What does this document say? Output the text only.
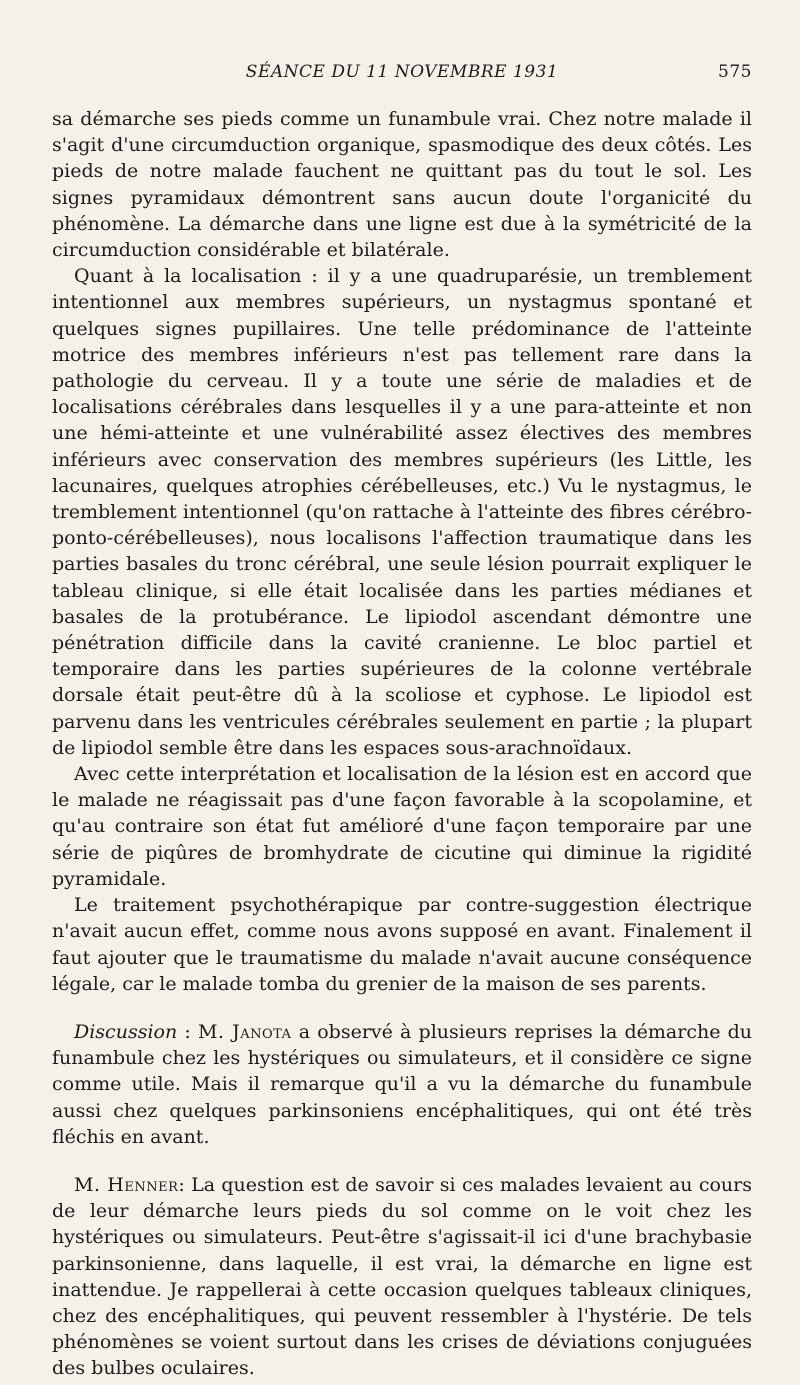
SÉANCE DU 11 NOVEMBRE 1931	575

sa démarche ses pieds comme un funambule vrai. Chez notre malade il s'agit d'une circumduction organique, spasmodique des deux côtés. Les pieds de notre malade fauchent ne quittant pas du tout le sol. Les signes pyramidaux démontrent sans aucun doute l'organicité du phénomène. La démarche dans une ligne est due à la symétricité de la circumduction considérable et bilatérale.

Quant à la localisation : il y a une quadruparésie, un tremblement intentionnel aux membres supérieurs, un nystagmus spontané et quelques signes pupillaires. Une telle prédominance de l'atteinte motrice des membres inférieurs n'est pas tellement rare dans la pathologie du cerveau. Il y a toute une série de maladies et de localisations cérébrales dans lesquelles il y a une para-atteinte et non une hémi-atteinte et une vulnérabilité assez électives des membres inférieurs avec conservation des membres supérieurs (les Little, les lacunaires, quelques atrophies cérébelleuses, etc.) Vu le nystagmus, le tremblement intentionnel (qu'on rattache à l'atteinte des fibres cérébro-ponto-cérébelleuses), nous localisons l'affection traumatique dans les parties basales du tronc cérébral, une seule lésion pourrait expliquer le tableau clinique, si elle était localisée dans les parties médianes et basales de la protubérance. Le lipiodol ascendant démontre une pénétration difficile dans la cavité cranienne. Le bloc partiel et temporaire dans les parties supérieures de la colonne vertébrale dorsale était peut-être dû à la scoliose et cyphose. Le lipiodol est parvenu dans les ventricules cérébrales seulement en partie ; la plupart de lipiodol semble être dans les espaces sous-arachnoïdaux.

Avec cette interprétation et localisation de la lésion est en accord que le malade ne réagissait pas d'une façon favorable à la scopolamine, et qu'au contraire son état fut amélioré d'une façon temporaire par une série de piqûres de bromhydrate de cicutine qui diminue la rigidité pyramidale.

Le traitement psychothérapique par contre-suggestion électrique n'avait aucun effet, comme nous avons supposé en avant. Finalement il faut ajouter que le traumatisme du malade n'avait aucune conséquence légale, car le malade tomba du grenier de la maison de ses parents.

Discussion : M. Janota a observé à plusieurs reprises la démarche du funambule chez les hystériques ou simulateurs, et il considère ce signe comme utile. Mais il remarque qu'il a vu la démarche du funambule aussi chez quelques parkinsoniens encéphalitiques, qui ont été très fléchis en avant.

M. Henner: La question est de savoir si ces malades levaient au cours de leur démarche leurs pieds du sol comme on le voit chez les hystériques ou simulateurs. Peut-être s'agissait-il ici d'une brachybasie parkinsonienne, dans laquelle, il est vrai, la démarche en ligne est inattendue. Je rappellerai à cette occasion quelques tableaux cliniques, chez des encéphalitiques, qui peuvent ressembler à l'hystérie. De tels phénomènes se voient surtout dans les crises de déviations conjuguées des bulbes oculaires.
